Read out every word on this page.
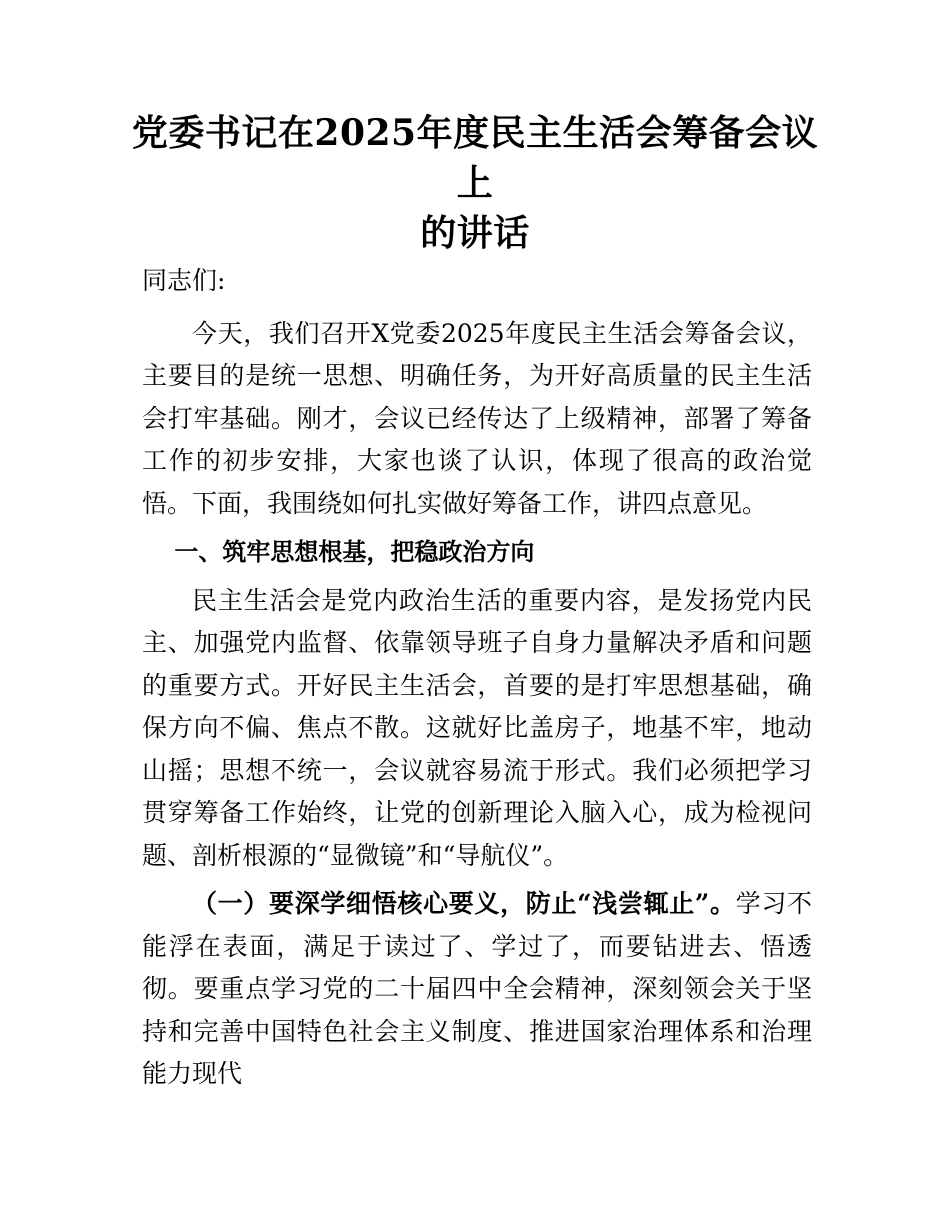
党委书记在2025年度民主生活会筹备会议上
的讲话

同志们:

今天，我们召开X党委2025年度民主生活会筹备会议，主要目的是统一思想、明确任务，为开好高质量的民主生活会打牢基础。刚才，会议已经传达了上级精神，部署了筹备工作的初步安排，大家也谈了认识，体现了很高的政治觉悟。下面，我围绕如何扎实做好筹备工作，讲四点意见。

一、筑牢思想根基，把稳政治方向

民主生活会是党内政治生活的重要内容，是发扬党内民主、加强党内监督、依靠领导班子自身力量解决矛盾和问题的重要方式。开好民主生活会，首要的是打牢思想基础，确保方向不偏、焦点不散。这就好比盖房子，地基不牢，地动山摇；思想不统一，会议就容易流于形式。我们必须把学习贯穿筹备工作始终，让党的创新理论入脑入心，成为检视问题、剖析根源的“显微镜”和“导航仪”。

（一）要深学细悟核心要义，防止“浅尝辄止”。学习不能浮在表面，满足于读过了、学过了，而要钻进去、悟透彻。要重点学习党的二十届四中全会精神，深刻领会关于坚持和完善中国特色社会主义制度、推进国家治理体系和治理能力现代
